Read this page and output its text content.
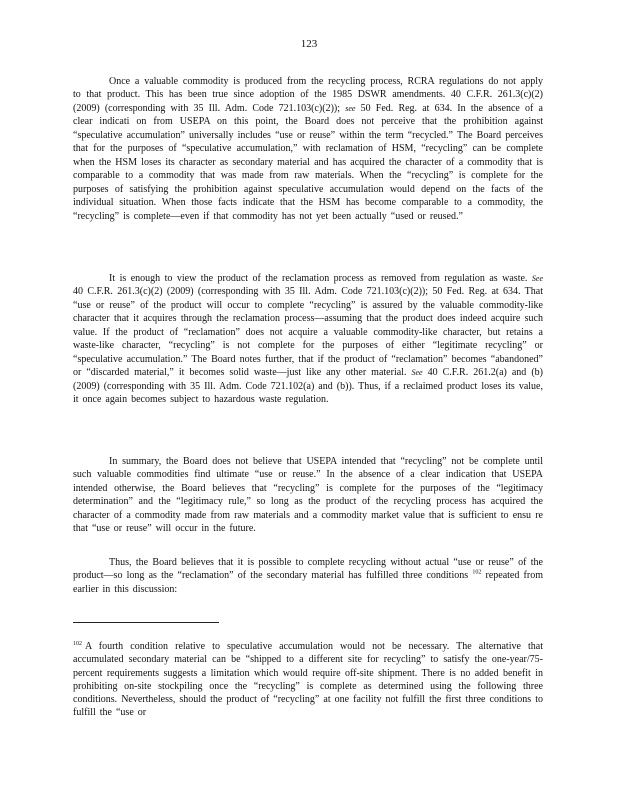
123

Once a valuable commodity is produced from the recycling process, RCRA regulations do not apply to that product. This has been true since adoption of the 1985 DSWR amendments. 40 C.F.R. 261.3(c)(2) (2009) (corresponding with 35 Ill. Adm. Code 721.103(c)(2)); see 50 Fed. Reg. at 634. In the absence of a clear indicati on from USEPA on this point, the Board does not perceive that the prohibition against “speculative accumulation” universally includes “use or reuse” within the term “recycled.” The Board perceives that for the purposes of “speculative accumulation,” with reclamation of HSM, “recycling” can be complete when the HSM loses its character as secondary material and has acquired the character of a commodity that is comparable to a commodity that was made from raw materials. When the “recycling” is complete for the purposes of satisfying the prohibition against speculative accumulation would depend on the facts of the individual situation. When those facts indicate that the HSM has become comparable to a commodity, the “recycling” is complete—even if that commodity has not yet been actually “used or reused.”

It is enough to view the product of the reclamation process as removed from regulation as waste. See 40 C.F.R. 261.3(c)(2) (2009) (corresponding with 35 Ill. Adm. Code 721.103(c)(2)); 50 Fed. Reg. at 634. That “use or reuse” of the product will occur to complete “recycling” is assured by the valuable commodity-like character that it acquires through the reclamation process—assuming that the product does indeed acquire such value. If the product of “reclamation” does not acquire a valuable commodity-like character, but retains a waste-like character, “recycling” is not complete for the purposes of either “legitimate recycling” or “speculative accumulation.” The Board notes further, that if the product of “reclamation” becomes “abandoned” or “discarded material,” it becomes solid waste—just like any other material. See 40 C.F.R. 261.2(a) and (b) (2009) (corresponding with 35 Ill. Adm. Code 721.102(a) and (b)). Thus, if a reclaimed product loses its value, it once again becomes subject to hazardous waste regulation.

In summary, the Board does not believe that USEPA intended that “recycling” not be complete until such valuable commodities find ultimate “use or reuse.” In the absence of a clear indication that USEPA intended otherwise, the Board believes that “recycling” is complete for the purposes of the “legitimacy determination” and the “legitimacy rule,” so long as the product of the recycling process has acquired the character of a commodity made from raw materials and a commodity market value that is sufficient to ensu re that “use or reuse” will occur in the future.

Thus, the Board believes that it is possible to complete recycling without actual “use or reuse” of the product—so long as the “reclamation” of the secondary material has fulfilled three conditions $^{102}$ repeated from earlier in this discussion:

$^{102}$ A fourth condition relative to speculative accumulation would not be necessary. The alternative that accumulated secondary material can be “shipped to a different site for recycling” to satisfy the one-year/75-percent requirements suggests a limitation which would require off-site shipment. There is no added benefit in prohibiting on-site stockpiling once the “recycling” is complete as determined using the following three conditions. Nevertheless, should the product of “recycling” at one facility not fulfill the first three conditions to fulfill the “use or
